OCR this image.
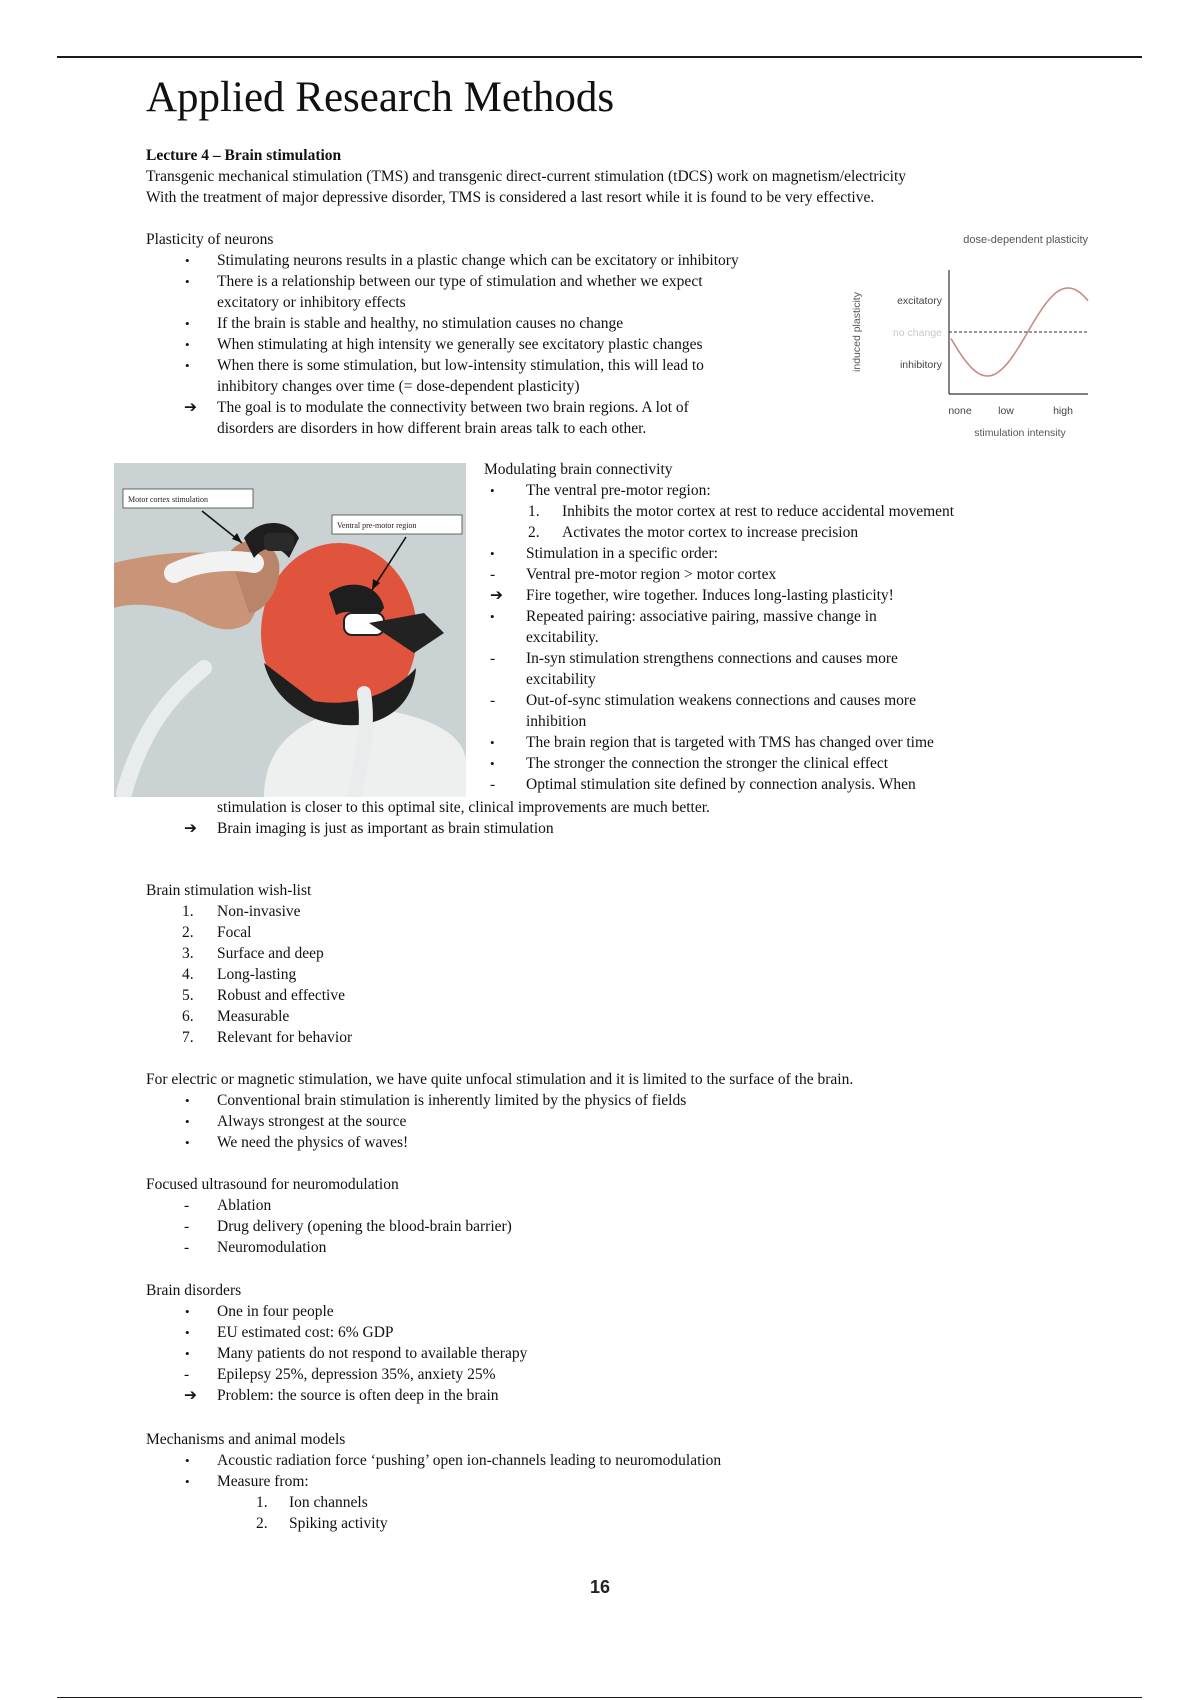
Applied Research Methods
Lecture 4 – Brain stimulation
Transgenic mechanical stimulation (TMS) and transgenic direct-current stimulation (tDCS) work on magnetism/electricity
With the treatment of major depressive disorder, TMS is considered a last resort while it is found to be very effective.
Plasticity of neurons
•	Stimulating neurons results in a plastic change which can be excitatory or inhibitory
•	There is a relationship between our type of stimulation and whether we expect
excitatory or inhibitory effects
•	If the brain is stable and healthy, no stimulation causes no change
•	When stimulating at high intensity we generally see excitatory plastic changes
•	When there is some stimulation, but low-intensity stimulation, this will lead to
inhibitory changes over time (= dose-dependent plasticity)
➔	The goal is to modulate the connectivity between two brain regions. A lot of
disorders are disorders in how different brain areas talk to each other.
dose-dependent plasticity
induced plasticity	excitatory
no change
inhibitory
none	low	high
stimulation intensity
Motor cortex stimulation
Ventral pre-motor region
Modulating brain connectivity
• The ventral pre-motor region:
1. Inhibits the motor cortex at rest to reduce accidental movement
2. Activates the motor cortex to increase precision
• Stimulation in a specific order:
- Ventral pre-motor region > motor cortex
➔ Fire together, wire together. Induces long-lasting plasticity!
• Repeated pairing: associative pairing, massive change in
excitability.
- In-syn stimulation strengthens connections and causes more
excitability
- Out-of-sync stimulation weakens connections and causes more
inhibition
• The brain region that is targeted with TMS has changed over time
• The stronger the connection the stronger the clinical effect
- Optimal stimulation site defined by connection analysis. When
stimulation is closer to this optimal site, clinical improvements are much better.
➔	Brain imaging is just as important as brain stimulation
Brain stimulation wish-list
1.	Non-invasive
2.	Focal
3.	Surface and deep
4.	Long-lasting
5.	Robust and effective
6.	Measurable
7.	Relevant for behavior
For electric or magnetic stimulation, we have quite unfocal stimulation and it is limited to the surface of the brain.
•	Conventional brain stimulation is inherently limited by the physics of fields
•	Always strongest at the source
•	We need the physics of waves!
Focused ultrasound for neuromodulation
-	Ablation
-	Drug delivery (opening the blood-brain barrier)
-	Neuromodulation
Brain disorders
•	One in four people
•	EU estimated cost: 6% GDP
•	Many patients do not respond to available therapy
-	Epilepsy 25%, depression 35%, anxiety 25%
➔	Problem: the source is often deep in the brain
Mechanisms and animal models
•	Acoustic radiation force ‘pushing’ open ion-channels leading to neuromodulation
•	Measure from:
1.	Ion channels
2.	Spiking activity
16
